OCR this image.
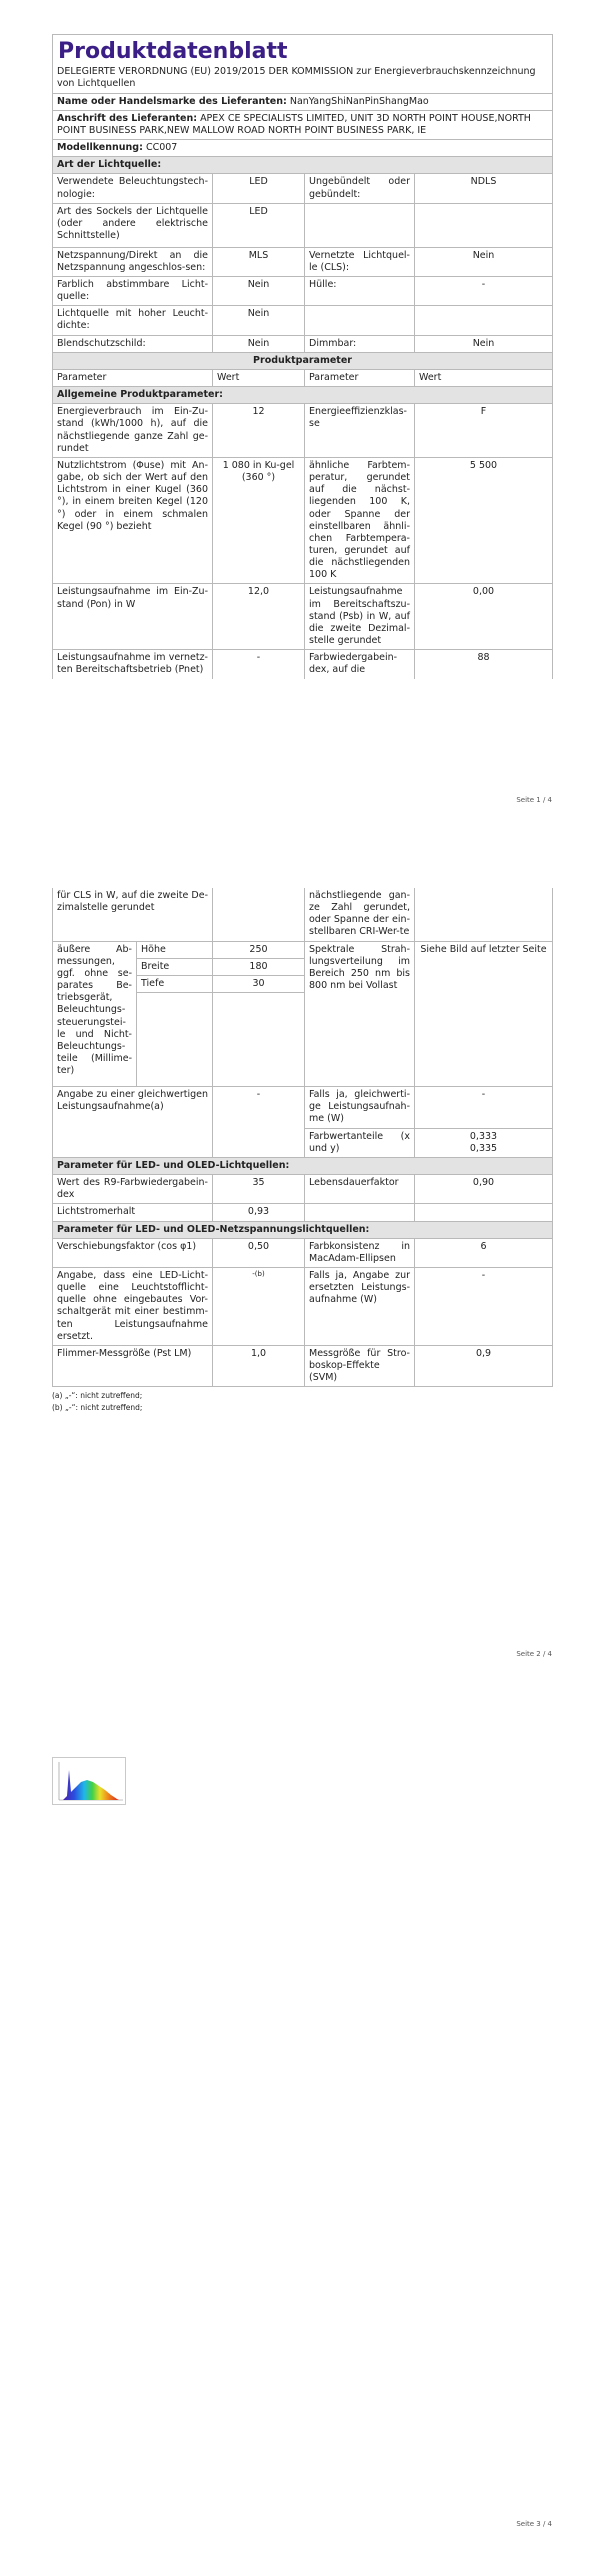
Produktdatenblatt			
DELEGIERTE VERORDNUNG (EU) 2019/2015 DER KOMMISSION zur Energieverbrauchskennzeichnung von Lichtquellen			
Name oder Handelsmarke des Lieferanten: NanYangShiNanPinShangMao			
Anschrift des Lieferanten: APEX CE SPECIALISTS LIMITED, UNIT 3D NORTH POINT HOUSE,NORTH POINT BUSINESS PARK,NEW MALLOW ROAD NORTH POINT BUSINESS PARK, IE			
Modellkennung: CC007			
Art der Lichtquelle:			
Verwendete Beleuchtungstech-nologie:	LED	Ungebündelt oder gebündelt:	NDLS
Art des Sockels der Lichtquelle (oder andere elektrische Schnittstelle)	LED		
Netzspannung/Direkt an die Netzspannung angeschlos-sen:	MLS	Vernetzte Lichtquel-le (CLS):	Nein
Farblich abstimmbare Licht-quelle:	Nein	Hülle:	-
Lichtquelle mit hoher Leucht-dichte:	Nein		
Blendschutzschild:	Nein	Dimmbar:	Nein
Produktparameter			
Parameter	Wert	Parameter	Wert
Allgemeine Produktparameter:			
Energieverbrauch im Ein-Zu-stand (kWh/1000 h), auf die nächstliegende ganze Zahl ge-rundet	12	Energieeffizienzklas-se	F
Nutzlichtstrom (Φuse) mit An-gabe, ob sich der Wert auf den Lichtstrom in einer Kugel (360 °), in einem breiten Kegel (120 °) oder in einem schmalen Kegel (90 °) bezieht	1 080 in Ku-gel (360 °)	ähnliche Farbtem-peratur, gerundet auf die nächst-liegenden 100 K, oder Spanne der einstellbaren ähnli-chen Farbtempera-turen, gerundet auf die nächstliegenden 100 K	5 500
Leistungsaufnahme im Ein-Zu-stand (Pon) in W	12,0	Leistungsaufnahme im Bereitschaftszu-stand (Psb) in W, auf die zweite Dezimal-stelle gerundet	0,00
Leistungsaufnahme im vernetz-ten Bereitschaftsbetrieb (Pnet)	-	Farbwiedergabein-dex, auf die	88
Seite 1 / 4
für CLS in W, auf die zweite De-zimalstelle gerundet			nächstliegende gan-ze Zahl gerundet, oder Spanne der ein-stellbaren CRI-Wer-te	
äußere Ab-messungen, ggf. ohne se-parates Be-triebsgerät, Beleuchtungs-steuerungstei-le und Nicht-Beleuchtungs-teile (Millime-ter)	Höhe	250	Spektrale Strah-lungsverteilung im Bereich 250 nm bis 800 nm bei Vollast	Siehe Bild auf letzter Seite
	Breite	180		
	Tiefe	30		

Angabe zu einer gleichwertigen Leistungsaufnahme(a)		-	Falls ja, gleichwerti-ge Leistungsaufnah-me (W)	-
			Farbwertanteile (x und y)	0,333
0,335

Parameter für LED- und OLED-Lichtquellen:				
Wert des R9-Farbwiedergabein-dex		35	Lebensdauerfaktor	0,90
Lichtstromerhalt		0,93		
Parameter für LED- und OLED-Netzspannungslichtquellen:				
Verschiebungsfaktor (cos φ1)		0,50	Farbkonsistenz in MacAdam-Ellipsen	6
Angabe, dass eine LED-Licht-quelle eine Leuchtstofflicht-quelle ohne eingebautes Vor-schaltgerät mit einer bestimm-ten Leistungsaufnahme ersetzt.		-(b)	Falls ja, Angabe zur ersetzten Leistungs-aufnahme (W)	-
Flimmer-Messgröße (Pst LM)		1,0	Messgröße für Stro-boskop-Effekte (SVM)	0,9
(a) „-“: nicht zutreffend;
(b) „-“: nicht zutreffend;
Seite 2 / 4
Seite 3 / 4
